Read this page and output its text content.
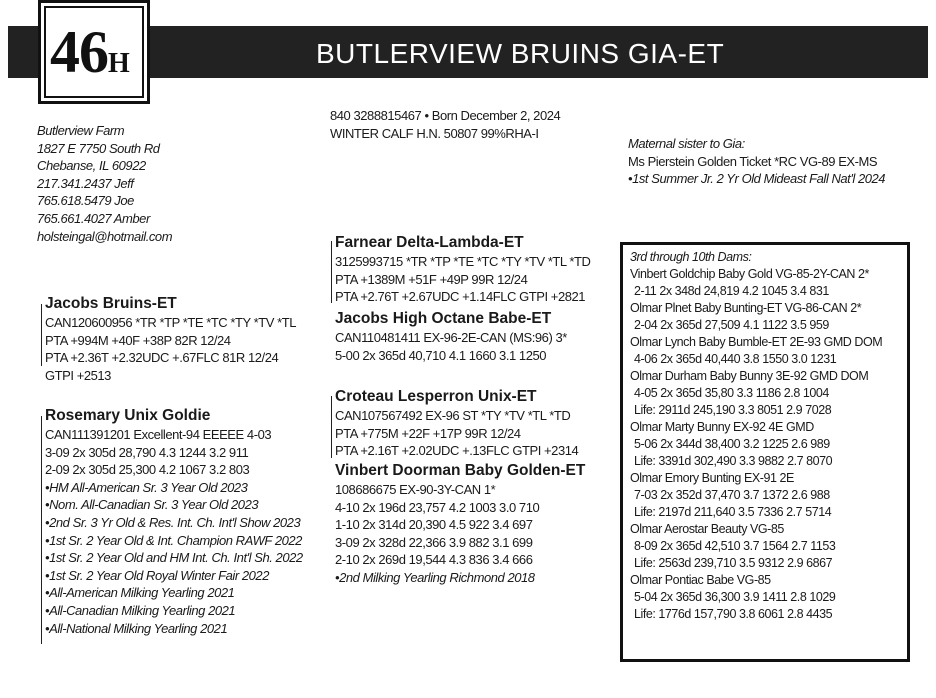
BUTLERVIEW BRUINS GIA-ET
46H
Butlerview Farm
1827 E 7750 South Rd
Chebanse, IL 60922
217.341.2437 Jeff
765.618.5479 Joe
765.661.4027 Amber
holsteingal@hotmail.com
840 3288815467 • Born December 2, 2024
WINTER CALF H.N. 50807 99%RHA-I
Maternal sister to Gia:
Ms Pierstein Golden Ticket *RC VG-89 EX-MS
•1st Summer Jr. 2 Yr Old Mideast Fall Nat'l 2024
Jacobs Bruins-ET
CAN120600956 *TR *TP *TE *TC *TY *TV *TL
PTA +994M +40F +38P 82R 12/24
PTA +2.36T +2.32UDC +.67FLC 81R 12/24
GTPI +2513
Rosemary Unix Goldie
CAN111391201 Excellent-94 EEEEE 4-03
3-09 2x 305d 28,790 4.3 1244 3.2 911
2-09 2x 305d 25,300 4.2 1067 3.2 803
•HM All-American Sr. 3 Year Old 2023
•Nom. All-Canadian Sr. 3 Year Old 2023
•2nd Sr. 3 Yr Old & Res. Int. Ch. Int'l Show 2023
•1st Sr. 2 Year Old & Int. Champion RAWF 2022
•1st Sr. 2 Year Old and HM Int. Ch. Int'l Sh. 2022
•1st Sr. 2 Year Old Royal Winter Fair 2022
•All-American Milking Yearling 2021
•All-Canadian Milking Yearling 2021
•All-National Milking Yearling 2021
Farnear Delta-Lambda-ET
3125993715 *TR *TP *TE *TC *TY *TV *TL *TD
PTA +1389M +51F +49P 99R 12/24
PTA +2.76T +2.67UDC +1.14FLC GTPI +2821
Jacobs High Octane Babe-ET
CAN110481411 EX-96-2E-CAN (MS:96) 3*
5-00 2x 365d 40,710 4.1 1660 3.1 1250
Croteau Lesperron Unix-ET
CAN107567492 EX-96 ST *TY *TV *TL *TD
PTA +775M +22F +17P 99R 12/24
PTA +2.16T +2.02UDC +.13FLC GTPI +2314
Vinbert Doorman Baby Golden-ET
108686675 EX-90-3Y-CAN 1*
4-10 2x 196d 23,757 4.2 1003 3.0 710
1-10 2x 314d 20,390 4.5 922 3.4 697
3-09 2x 328d 22,366 3.9 882 3.1 699
2-10 2x 269d 19,544 4.3 836 3.4 666
•2nd Milking Yearling Richmond 2018
3rd through 10th Dams:
Vinbert Goldchip Baby Gold VG-85-2Y-CAN 2*
2-11 2x 348d 24,819 4.2 1045 3.4 831
Olmar Plnet Baby Bunting-ET VG-86-CAN 2*
2-04 2x 365d 27,509 4.1 1122 3.5 959
Olmar Lynch Baby Bumble-ET 2E-93 GMD DOM
4-06 2x 365d 40,440 3.8 1550 3.0 1231
Olmar Durham Baby Bunny 3E-92 GMD DOM
4-05 2x 365d 35,80 3.3 1186 2.8 1004
Life: 2911d 245,190 3.3 8051 2.9 7028
Olmar Marty Bunny EX-92 4E GMD
5-06 2x 344d 38,400 3.2 1225 2.6 989
Life: 3391d 302,490 3.3 9882 2.7 8070
Olmar Emory Bunting EX-91 2E
7-03 2x 352d 37,470 3.7 1372 2.6 988
Life: 2197d 211,640 3.5 7336 2.7 5714
Olmar Aerostar Beauty VG-85
8-09 2x 365d 42,510 3.7 1564 2.7 1153
Life: 2563d 239,710 3.5 9312 2.9 6867
Olmar Pontiac Babe VG-85
5-04 2x 365d 36,300 3.9 1411 2.8 1029
Life: 1776d 157,790 3.8 6061 2.8 4435
